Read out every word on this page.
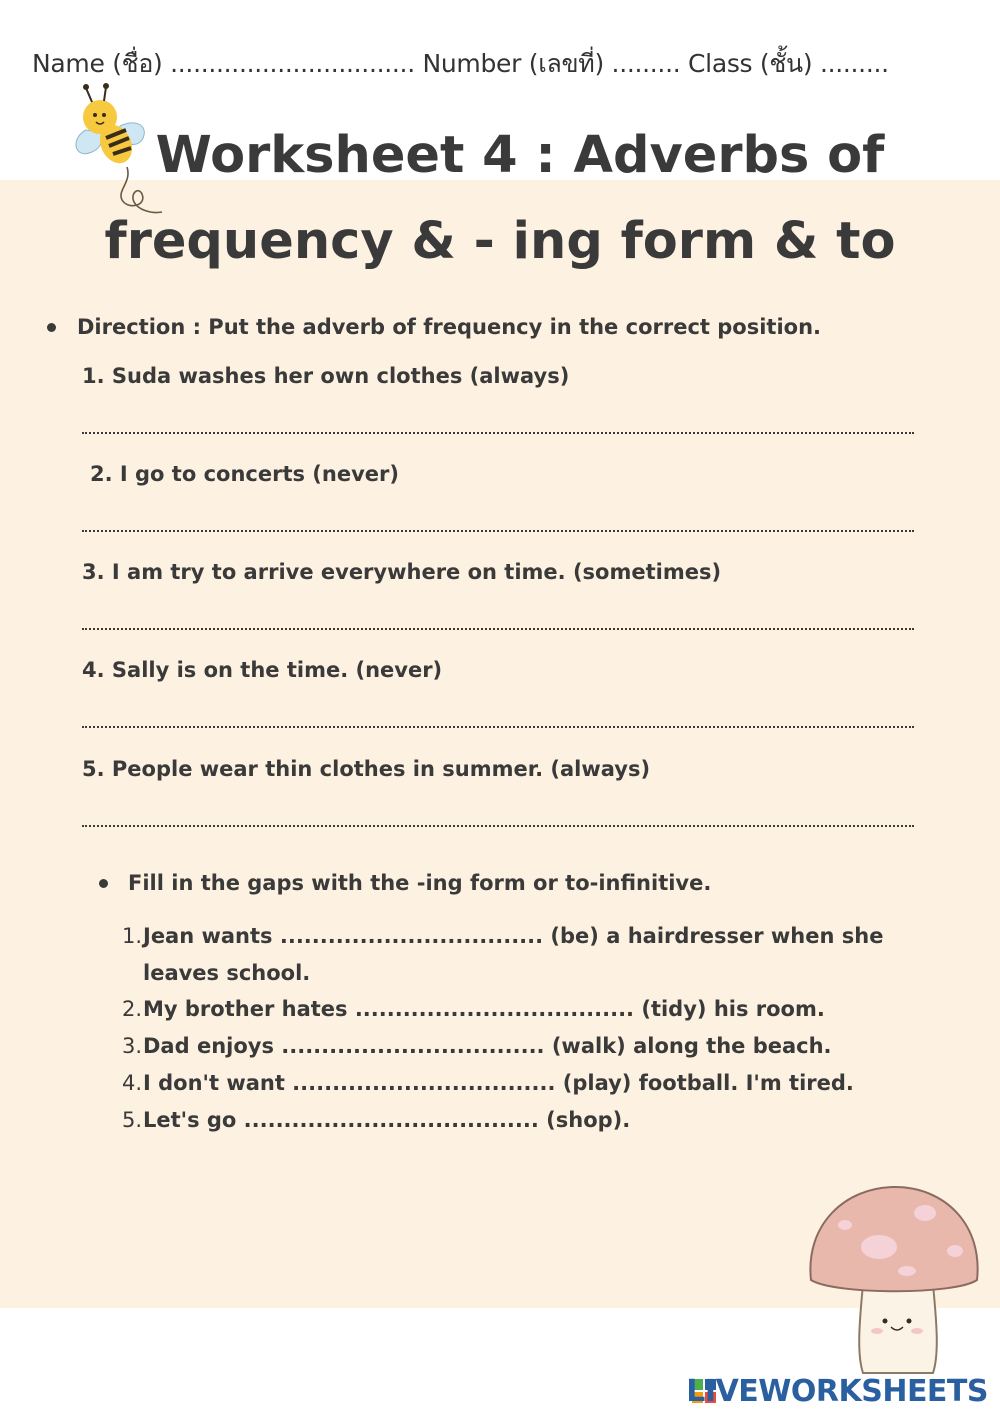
Name (ชื่อ) ................................ Number (เลขที่) ......... Class (ชั้น) .........
Worksheet 4 : Adverbs of
frequency & - ing form & to
Direction : Put the adverb of frequency in the correct position.
1. Suda washes her own clothes (always)
2. I go to concerts (never)
3. I am try to arrive everywhere on time. (sometimes)
4. Sally is on the time. (never)
5. People wear thin clothes in summer. (always)
Fill in the gaps with the -ing form or to-infinitive.
1. Jean wants ................................. (be) a hairdresser when she leaves school.
2. My brother hates ................................... (tidy) his room.
3. Dad enjoys ................................. (walk) along the beach.
4. I don't want ................................. (play) football. I'm tired.
5. Let's go ..................................... (shop).
LIVEWORKSHEETS
